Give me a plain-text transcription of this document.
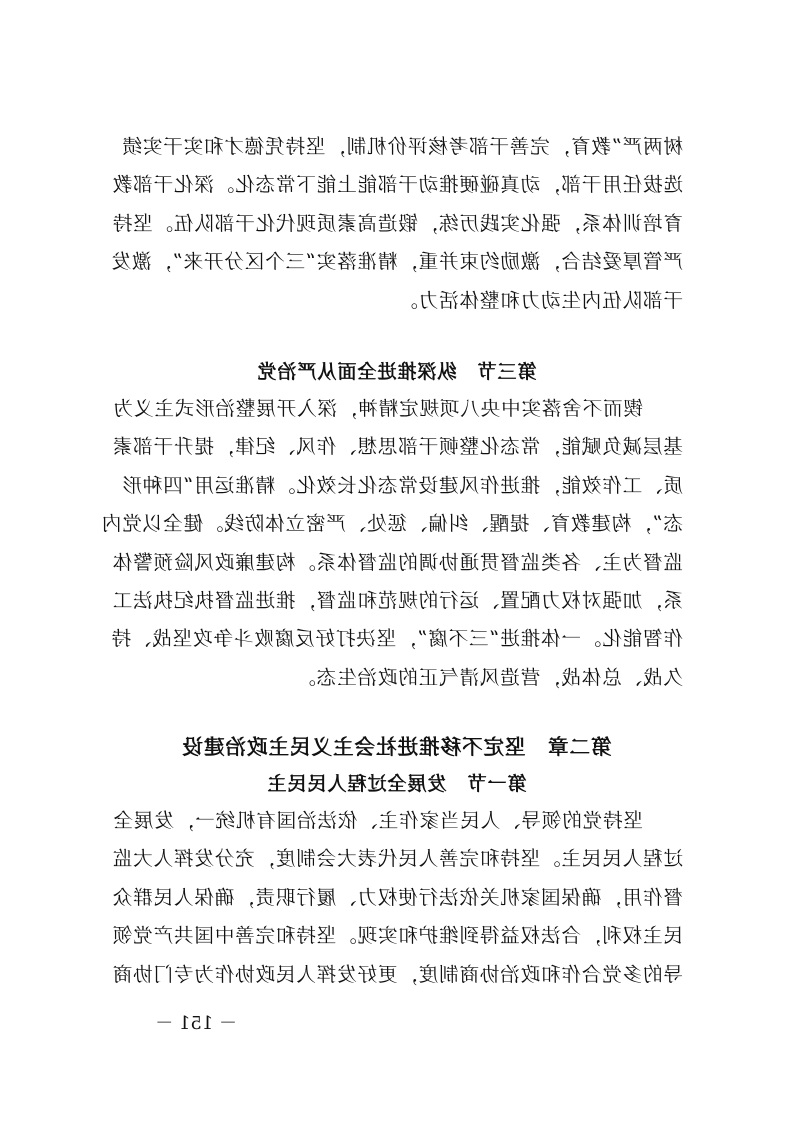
树两严”教育，完善干部考核评价机制，坚持凭德才和实干实绩
选拔任用干部，动真碰硬推动干部能上能下常态化。深化干部教
育培训体系，强化实践历练，锻造高素质现代化干部队伍。坚持
严管厚爱结合，激励约束并重，精准落实“三个区分开来”，激发
干部队伍内生动力和整体活力。
第三节　纵深推进全面从严治党
锲而不舍落实中央八项规定精神，深入开展整治形式主义为
基层减负赋能，常态化整顿干部思想、作风、纪律，提升干部素
质、工作效能，推进作风建设常态化长效化。精准运用“四种形
态”，构建教育、提醒、纠偏、惩处、严密立体防线。健全以党内
监督为主、各类监督贯通协调的监督体系。构建廉政风险预警体
系，加强对权力配置、运行的规范和监督，推进监督执纪执法工
作智能化。一体推进“三不腐”，坚决打好反腐败斗争攻坚战、持
久战、总体战，营造风清气正的政治生态。
第二章　坚定不移推进社会主义民主政治建设
第一节　发展全过程人民民主
坚持党的领导、人民当家作主、依法治国有机统一，发展全
过程人民民主。坚持和完善人民代表大会制度，充分发挥人大监
督作用，确保国家机关依法行使权力、履行职责，确保人民群众
民主权利，合法权益得到维护和实现。坚持和完善中国共产党领
导的多党合作和政治协商制度，更好发挥人民政协作为专门协商
－ 151 －
